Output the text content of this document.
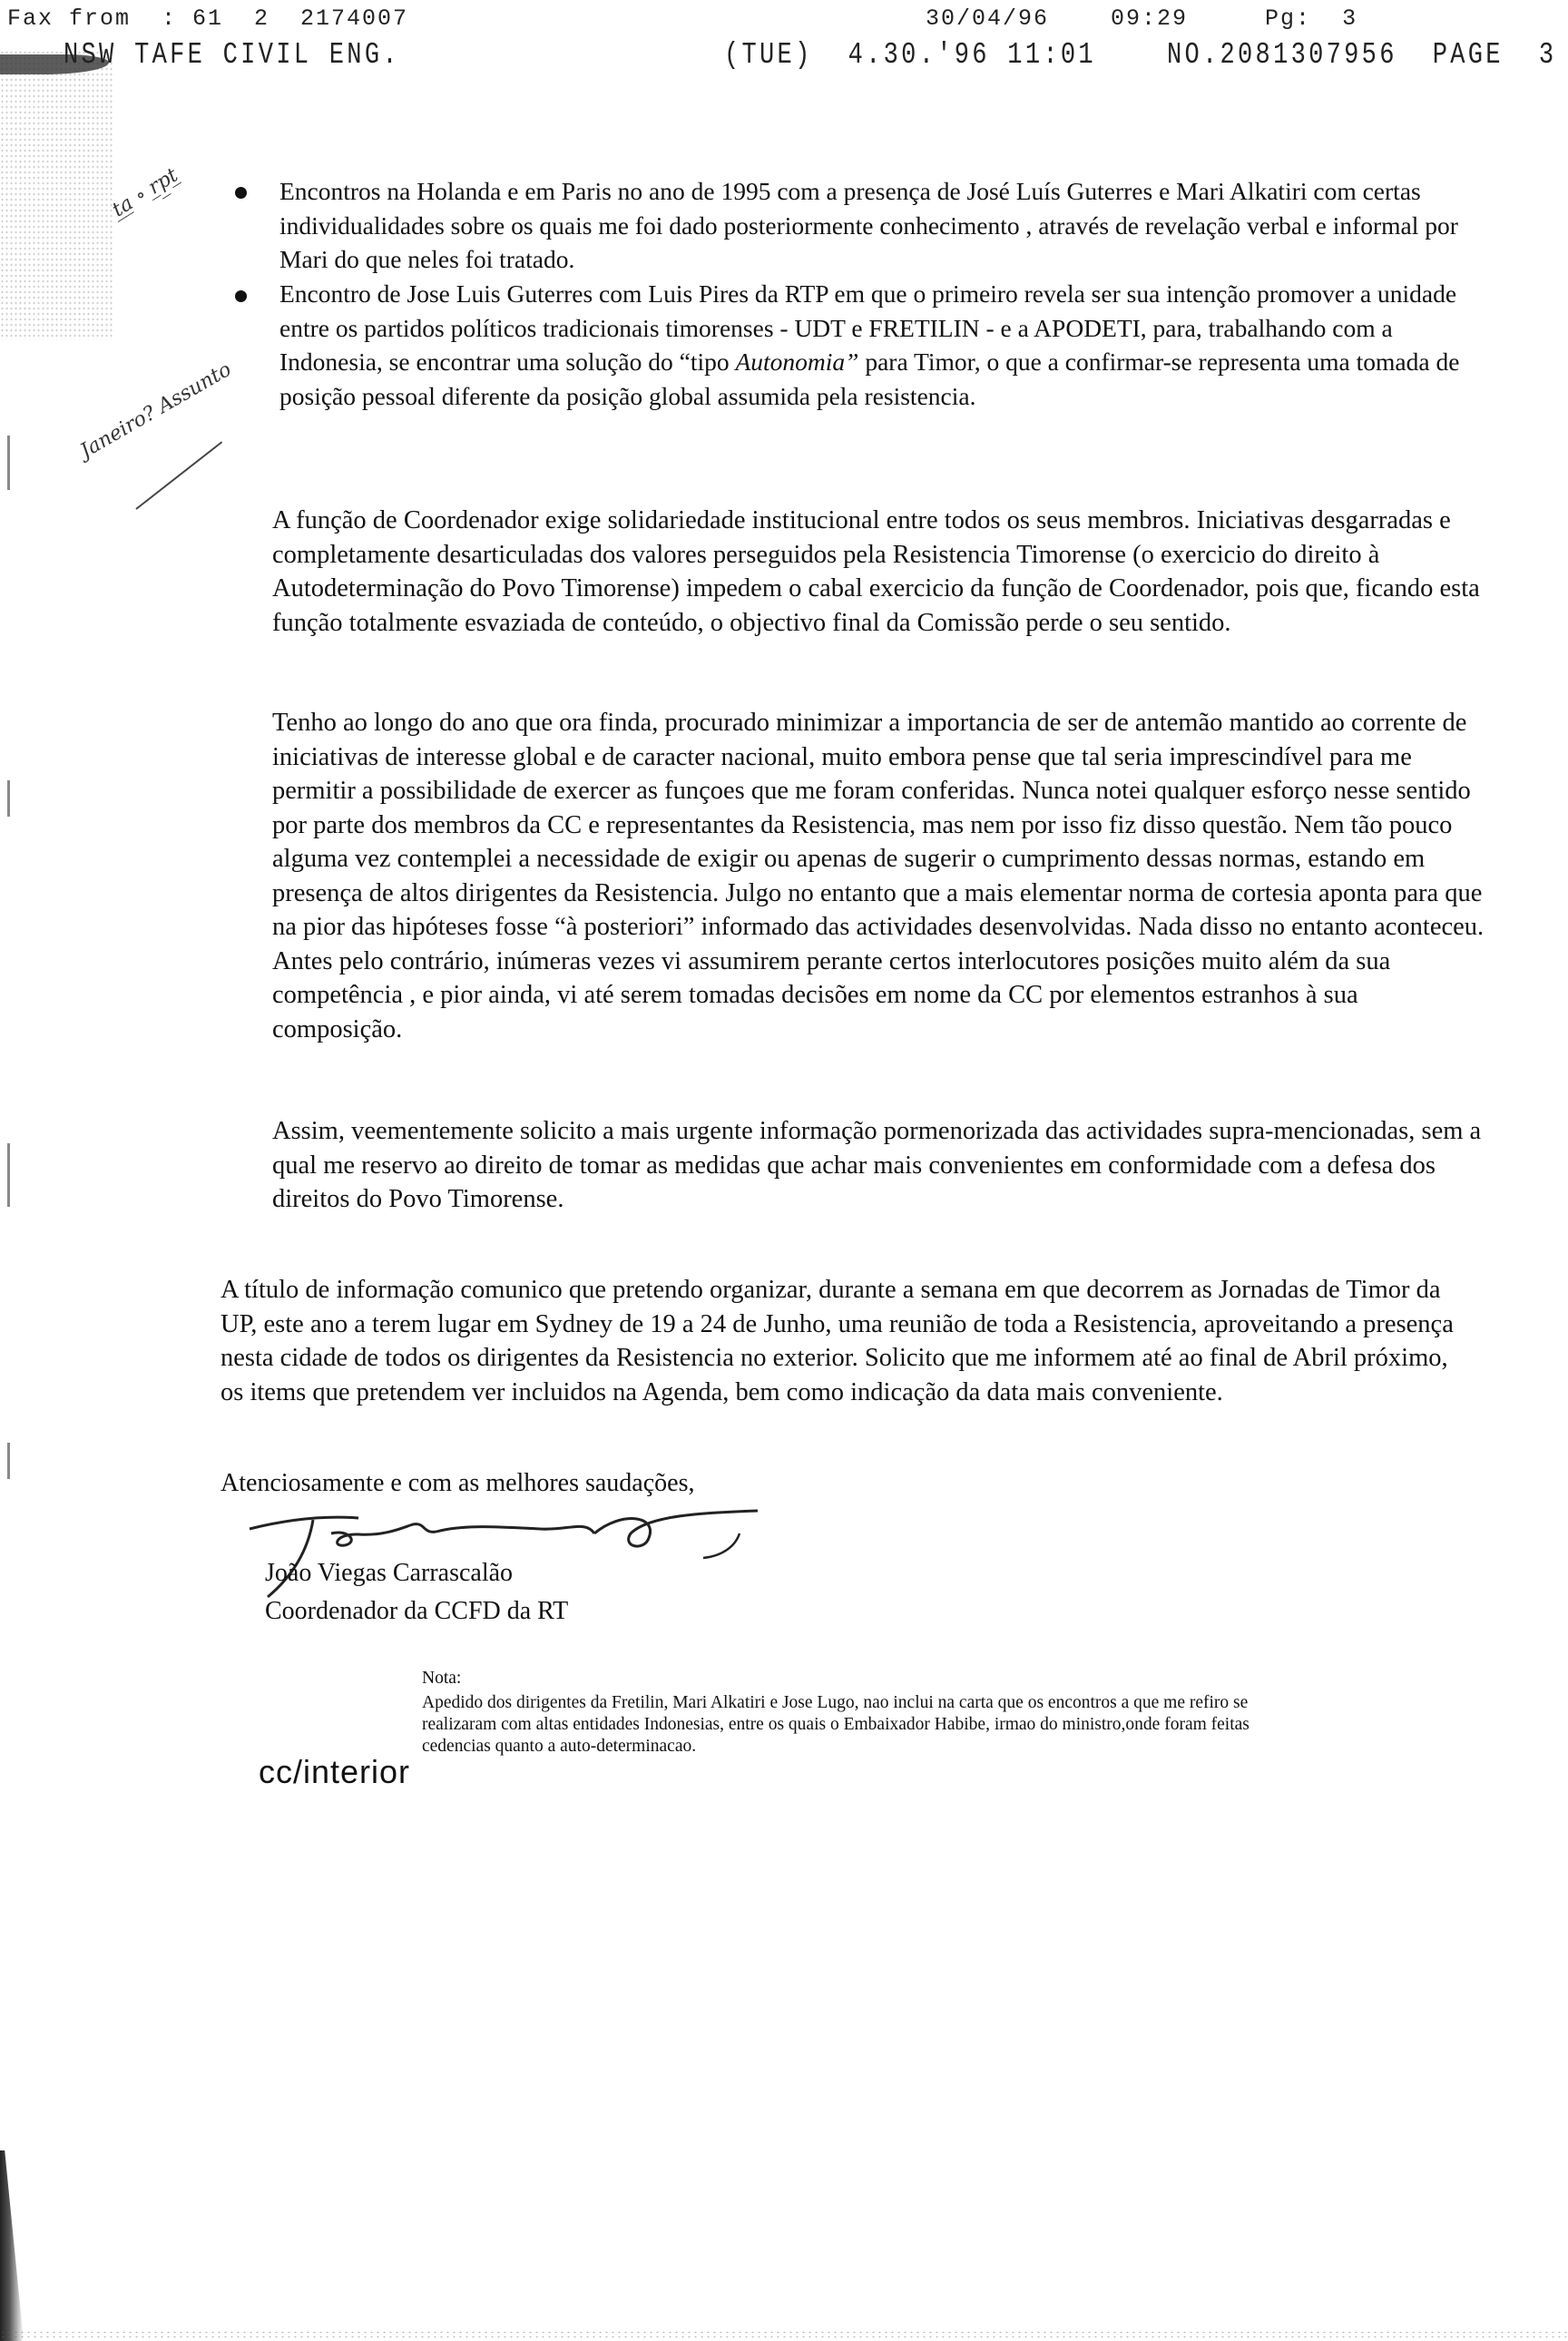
Fax from  : 61  2  2174007	30/04/96    09:29     Pg:  3
NSW TAFE CIVIL ENG.	(TUE)  4.30.'96 11:01    NO.2081307956  PAGE  3
t̲a̲ ∘ r̲p̲t̲
Janeiro? Assunto
Encontros na Holanda e em Paris no ano de 1995 com a presença de José Luís Guterres e Mari Alkatiri com certas individualidades sobre os quais me foi dado posteriormente conhecimento , através de revelação verbal e informal por Mari do que neles foi tratado.
Encontro de Jose Luis Guterres com Luis Pires da RTP em que o primeiro revela ser sua intenção promover a unidade entre os partidos políticos tradicionais timorenses - UDT e FRETILIN - e a APODETI, para, trabalhando com a Indonesia, se encontrar uma solução do “tipo Autonomia” para Timor, o que a confirmar-se representa uma tomada de posição pessoal diferente da posição global assumida pela resistencia.
A função de Coordenador exige solidariedade institucional entre todos os seus membros. Iniciativas desgarradas e completamente desarticuladas dos valores perseguidos pela Resistencia Timorense (o exercicio do direito à Autodeterminação do Povo Timorense) impedem o cabal exercicio da função de Coordenador, pois que, ficando esta função totalmente esvaziada de conteúdo, o objectivo final da Comissão perde o seu sentido.
Tenho ao longo do ano que ora finda, procurado minimizar a importancia de ser de antemão mantido ao corrente de iniciativas de interesse global e de caracter nacional, muito embora pense que tal seria imprescindível para me permitir a possibilidade de exercer as funçoes que me foram conferidas. Nunca notei qualquer esforço nesse sentido por parte dos membros da CC e representantes da Resistencia, mas nem por isso fiz disso questão. Nem tão pouco alguma vez contemplei a necessidade de exigir ou apenas de sugerir o cumprimento dessas normas, estando em presença de altos dirigentes da Resistencia. Julgo no entanto que a mais elementar norma de cortesia aponta para que na pior das hipóteses fosse “à posteriori” informado das actividades desenvolvidas. Nada disso no entanto aconteceu. Antes pelo contrário, inúmeras vezes vi assumirem perante certos interlocutores posições muito além da sua competência , e pior ainda, vi até serem tomadas decisões em nome da CC por elementos estranhos à sua composição.
Assim, veementemente solicito a mais urgente informação pormenorizada das actividades supra-mencionadas, sem a qual me reservo ao direito de tomar as medidas que achar mais convenientes em conformidade com a defesa dos direitos do Povo Timorense.
A título de informação comunico que pretendo organizar, durante a semana em que decorrem as Jornadas de Timor da UP, este ano a terem lugar em Sydney de 19 a 24 de Junho, uma reunião de toda a Resistencia, aproveitando a presença nesta cidade de todos os dirigentes da Resistencia no exterior. Solicito que me informem até ao final de Abril próximo, os items que pretendem ver incluidos na Agenda, bem como indicação da data mais conveniente.
Atenciosamente e com as melhores saudações,
João Viegas Carrascalão
Coordenador da CCFD da RT
Nota:
Apedido dos dirigentes da Fretilin, Mari Alkatiri e Jose Lugo, nao inclui na carta que os encontros a que me refiro se realizaram com altas entidades Indonesias, entre os quais o Embaixador Habibe, irmao do ministro,onde foram feitas cedencias quanto a auto-determinacao.
cc/interior
